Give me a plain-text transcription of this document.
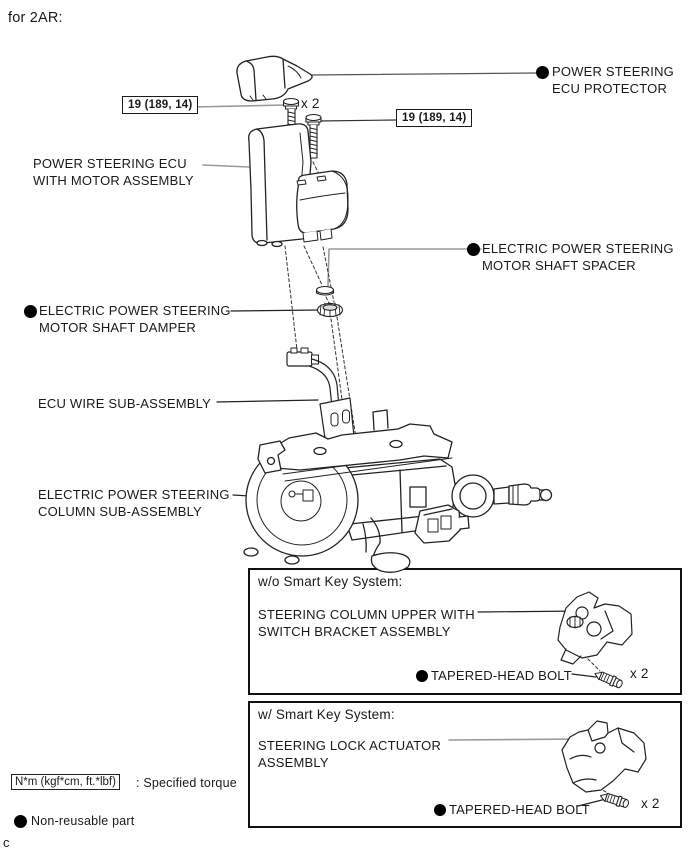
for 2AR:
19 (189, 14)	x 2
19 (189, 14)
POWER STEERING
ECU PROTECTOR
POWER STEERING ECU
WITH MOTOR ASSEMBLY
ELECTRIC POWER STEERING
MOTOR SHAFT SPACER
ELECTRIC POWER STEERING
MOTOR SHAFT DAMPER
ECU WIRE SUB-ASSEMBLY
ELECTRIC POWER STEERING
COLUMN SUB-ASSEMBLY
w/o Smart Key System:
STEERING COLUMN UPPER WITH
SWITCH BRACKET ASSEMBLY
TAPERED-HEAD BOLT	x 2
w/ Smart Key System:
STEERING LOCK ACTUATOR
ASSEMBLY
TAPERED-HEAD BOLT	x 2
N*m (kgf*cm, ft.*lbf)	: Specified torque
Non-reusable part
c
